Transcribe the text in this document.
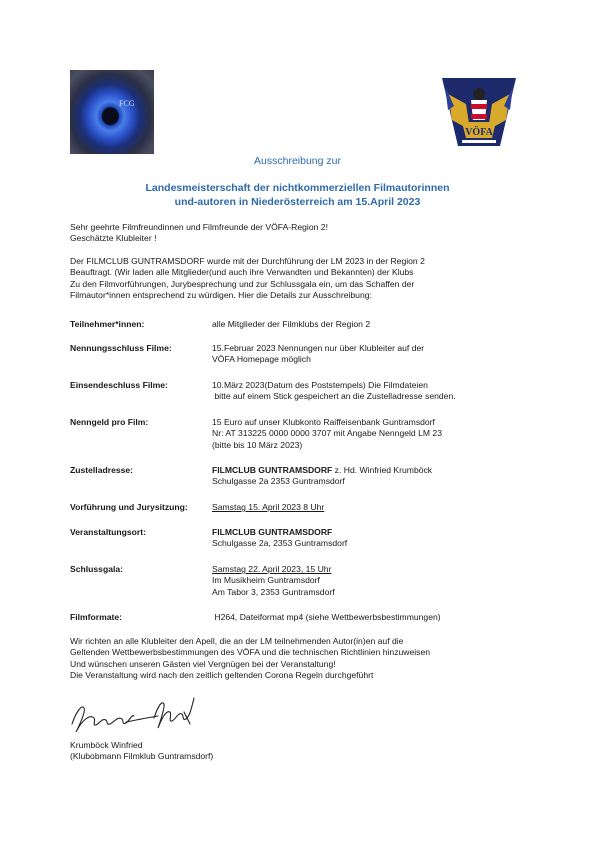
FCG
VÖFA
Ausschreibung zur
Landesmeisterschaft der nichtkommerziellen Filmautorinnen
und-autoren in Niederösterreich am 15.April 2023
Sehr geehrte Filmfreundinnen und Filmfreunde der VÖFA-Region 2!
Geschätzte Klubleiter !
Der FILMCLUB GUNTRAMSDORF wurde mit der Durchführung der LM 2023 in der Region 2
Beauftragt. (Wir laden alle Mitglieder(und auch ihre Verwandten und Bekannten) der Klubs
Zu den Filmvorführungen, Jurybesprechung und zur Schlussgala ein, um das Schaffen der
Filmautor*innen entsprechend zu würdigen. Hier die Details zur Ausschreibung:
Teilnehmer*innen:	alle Mitglieder der Filmklubs der Region 2
Nennungsschluss Filme:	15.Februar 2023 Nennungen nur über Klubleiter auf der
VÖFA Homepage möglich
Einsendeschluss Filme:	10.März 2023(Datum des Poststempels) Die Filmdateien
bitte auf einem Stick gespeichert an die Zustelladresse senden.
Nenngeld pro Film:	15 Euro auf unser Klubkonto Raiffeisenbank Guntramsdorf
Nr: AT 313225 0000 0000 3707 mit Angabe Nenngeld LM 23
(bitte bis 10 März 2023)
Zustelladresse:	FILMCLUB GUNTRAMSDORF z. Hd. Winfried Krumböck
Schulgasse 2a 2353 Guntramsdorf
Vorführung und Jurysitzung:	Samstag 15. April 2023 8 Uhr
Veranstaltungsort:	FILMCLUB GUNTRAMSDORF
Schulgasse 2a, 2353 Guntramsdorf
Schlussgala:	Samstag 22. April 2023, 15 Uhr
Im Musikheim Guntramsdorf
Am Tabor 3, 2353 Guntramsdorf
Filmformate:	H264, Dateiformat mp4 (siehe Wettbewerbsbestimmungen)
Wir richten an alle Klubleiter den Apell, die an der LM teilnehmenden Autor(in)en auf die
Geltenden Wettbewerbsbestimmungen des VÖFA und die technischen Richtlinien hinzuweisen
Und wünschen unseren Gästen viel Vergnügen bei der Veranstaltung!
Die Veranstaltung wird nach den zeitlich geltenden Corona Regeln durchgeführt
Krumböck Winfried
(Klubobmann Filmklub Guntramsdorf)
